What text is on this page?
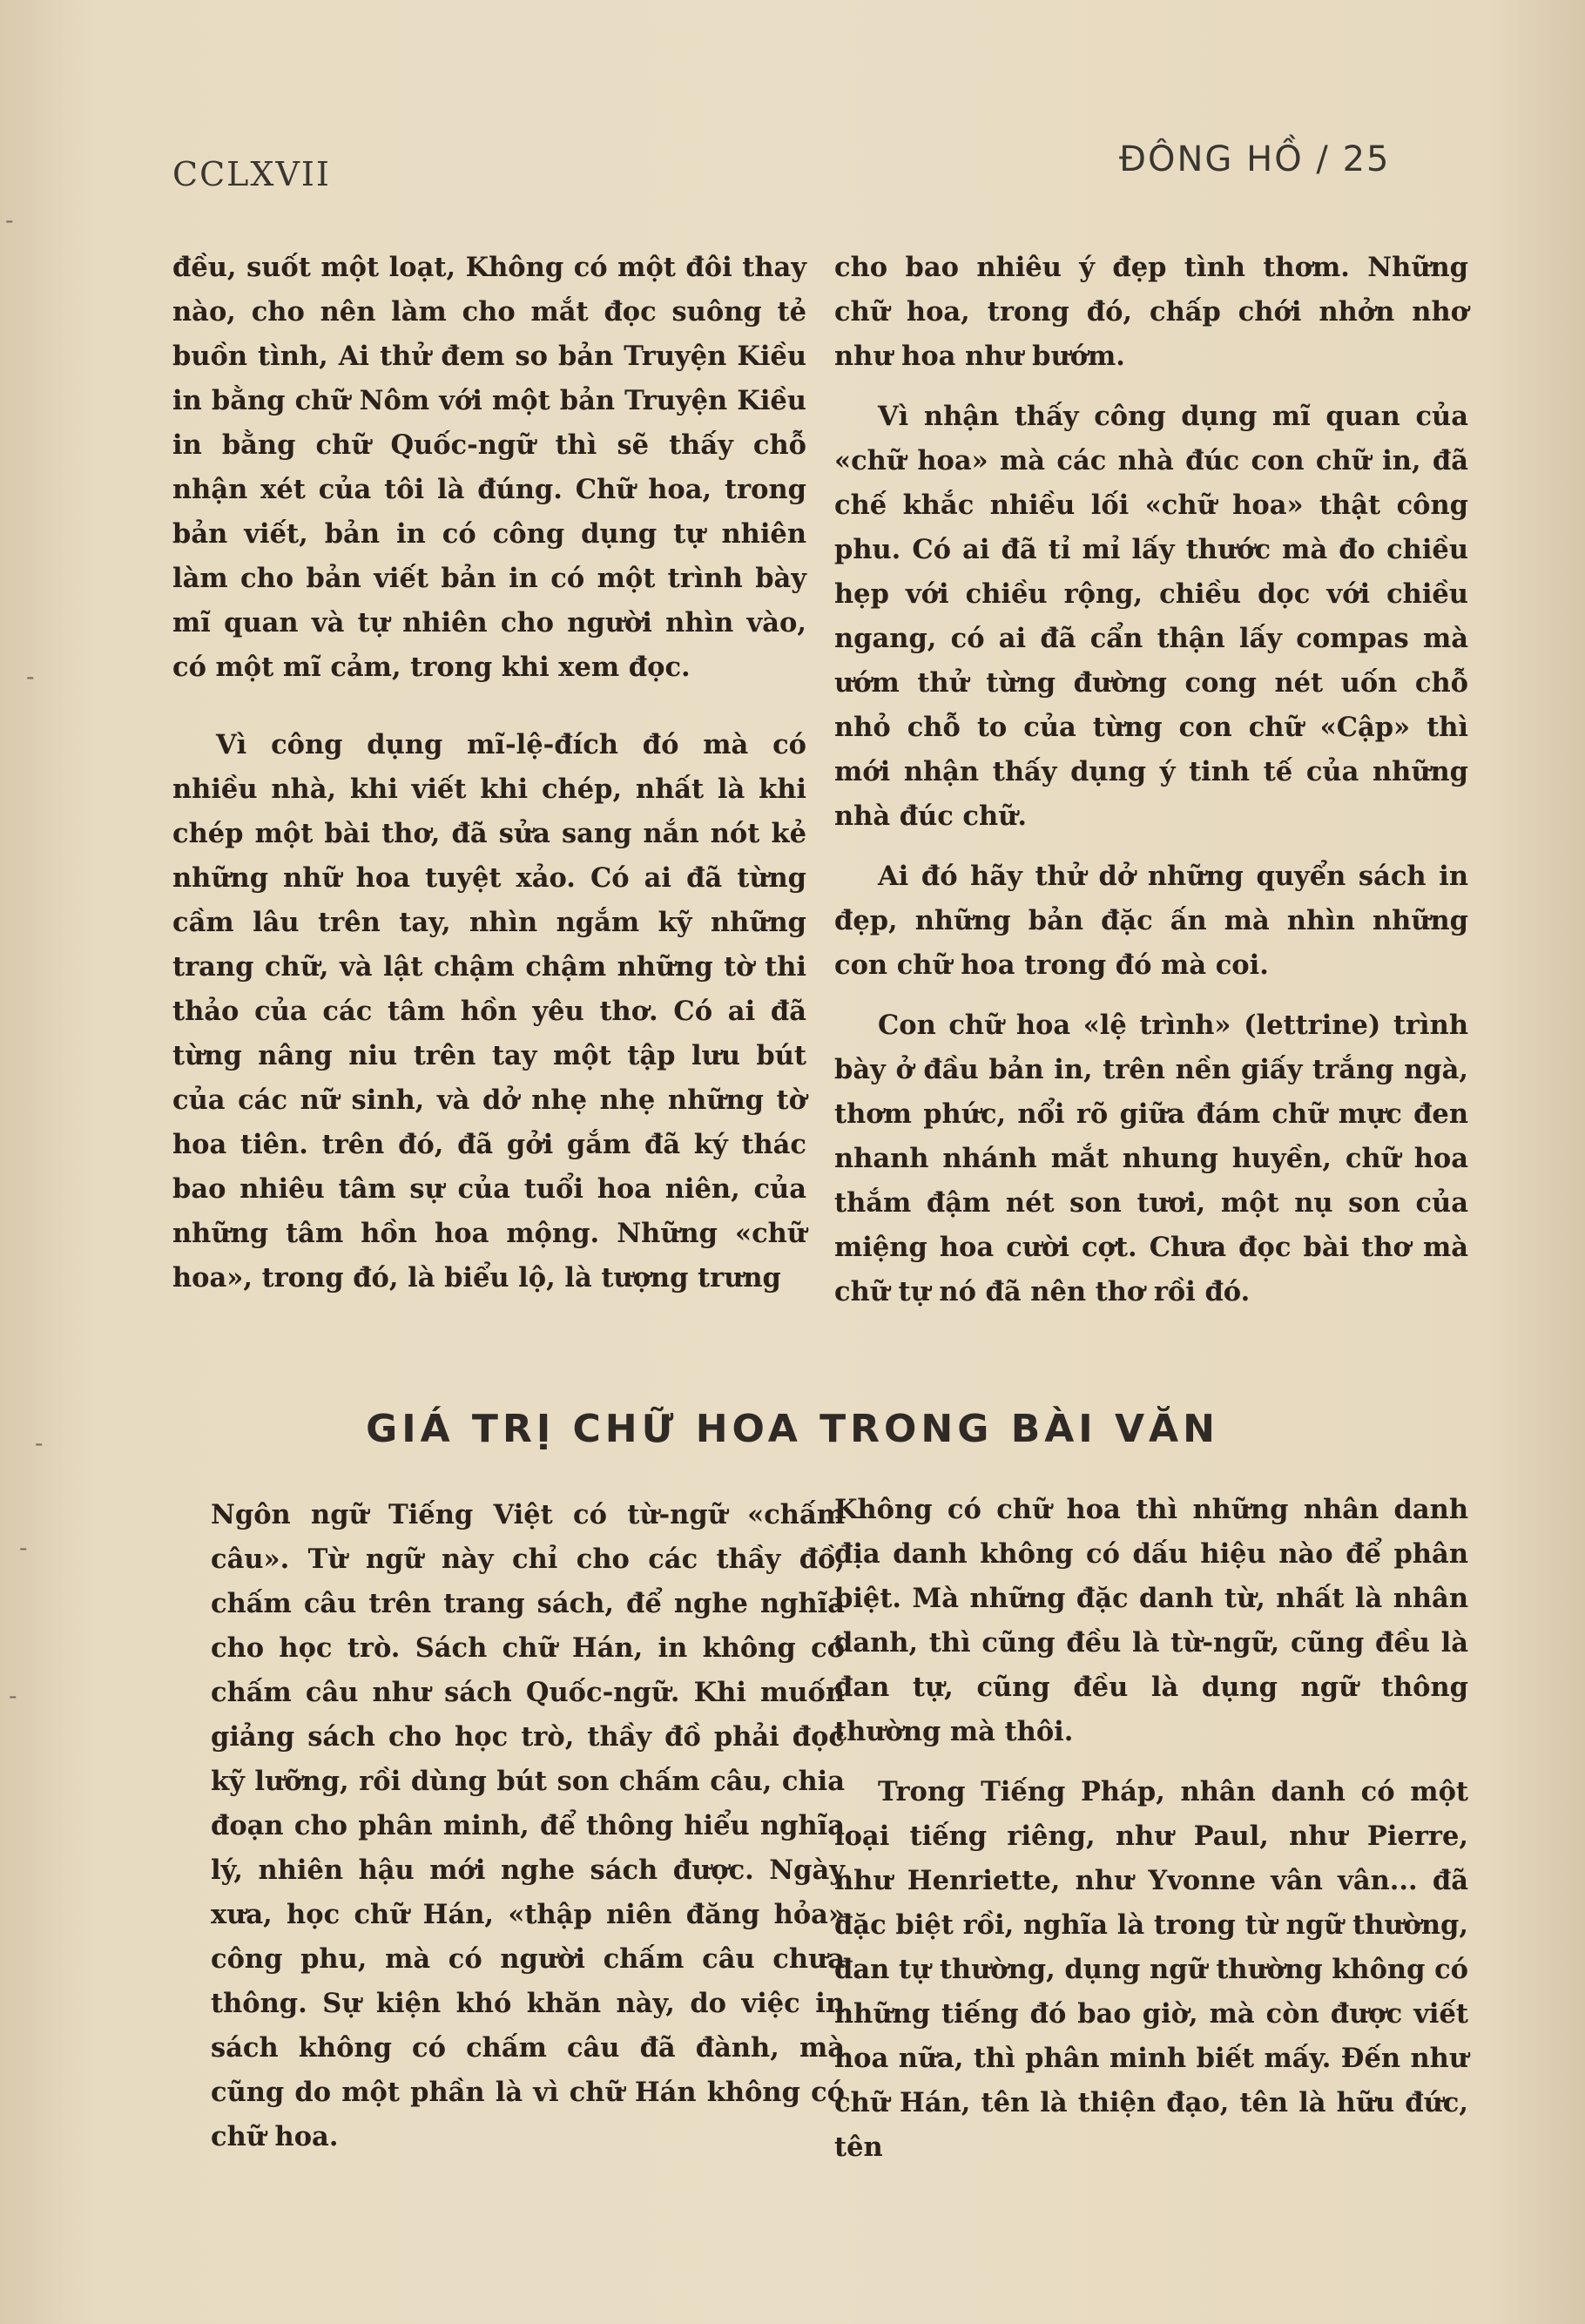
-
-
-
-
-
CCLXVII	ĐÔNG HỒ / 25

đều, suốt một loạt, Không có một đôi thay nào, cho nên làm cho mắt đọc suông tẻ buồn tình, Ai thử đem so bản Truyện Kiều in bằng chữ Nôm với một bản Truyện Kiều in bằng chữ Quốc-ngữ thì sẽ thấy chỗ nhận xét của tôi là đúng. Chữ hoa, trong bản viết, bản in có công dụng tự nhiên làm cho bản viết bản in có một trình bày mĩ quan và tự nhiên cho người nhìn vào, có một mĩ cảm, trong khi xem đọc.

Vì công dụng mĩ-lệ-đích đó mà có nhiều nhà, khi viết khi chép, nhất là khi chép một bài thơ, đã sửa sang nắn nót kẻ những nhữ hoa tuyệt xảo. Có ai đã từng cầm lâu trên tay, nhìn ngắm kỹ những trang chữ, và lật chậm chậm những tờ thi thảo của các tâm hồn yêu thơ. Có ai đã từng nâng niu trên tay một tập lưu bút của các nữ sinh, và dở nhẹ nhẹ những tờ hoa tiên. trên đó, đã gởi gắm đã ký thác bao nhiêu tâm sự của tuổi hoa niên, của những tâm hồn hoa mộng. Những «chữ hoa», trong đó, là biểu lộ, là tượng trưng

cho bao nhiêu ý đẹp tình thơm. Những chữ hoa, trong đó, chấp chới nhởn nhơ như hoa như bướm.

Vì nhận thấy công dụng mĩ quan của «chữ hoa» mà các nhà đúc con chữ in, đã chế khắc nhiều lối «chữ hoa» thật công phu. Có ai đã tỉ mỉ lấy thước mà đo chiều hẹp với chiều rộng, chiều dọc với chiều ngang, có ai đã cẩn thận lấy compas mà ướm thử từng đường cong nét uốn chỗ nhỏ chỗ to của từng con chữ «Cập» thì mới nhận thấy dụng ý tinh tế của những nhà đúc chữ.

Ai đó hãy thử dở những quyển sách in đẹp, những bản đặc ấn mà nhìn những con chữ hoa trong đó mà coi.

Con chữ hoa «lệ trình» (lettrine) trình bày ở đầu bản in, trên nền giấy trắng ngà, thơm phức, nổi rõ giữa đám chữ mực đen nhanh nhánh mắt nhung huyền, chữ hoa thắm đậm nét son tươi, một nụ son của miệng hoa cười cợt. Chưa đọc bài thơ mà chữ tự nó đã nên thơ rồi đó.

GIÁ TRỊ CHỮ HOA TRONG BÀI VĂN

Ngôn ngữ Tiếng Việt có từ-ngữ «chấm câu». Từ ngữ này chỉ cho các thầy đồ, chấm câu trên trang sách, để nghe nghĩa cho học trò. Sách chữ Hán, in không có chấm câu như sách Quốc-ngữ. Khi muốn giảng sách cho học trò, thầy đồ phải đọc kỹ lưỡng, rồi dùng bút son chấm câu, chia đoạn cho phân minh, để thông hiểu nghĩa lý, nhiên hậu mới nghe sách được. Ngày xưa, học chữ Hán, «thập niên đăng hỏa» công phu, mà có người chấm câu chưa thông. Sự kiện khó khăn này, do việc in sách không có chấm câu đã đành, mà cũng do một phần là vì chữ Hán không có chữ hoa.

Không có chữ hoa thì những nhân danh địa danh không có dấu hiệu nào để phân biệt. Mà những đặc danh từ, nhất là nhân danh, thì cũng đều là từ-ngữ, cũng đều là đan tự, cũng đều là dụng ngữ thông thường mà thôi.

Trong Tiếng Pháp, nhân danh có một loại tiếng riêng, như Paul, như Pierre, như Henriette, như Yvonne vân vân... đã đặc biệt rồi, nghĩa là trong từ ngữ thường, đan tự thường, dụng ngữ thường không có những tiếng đó bao giờ, mà còn được viết hoa nữa, thì phân minh biết mấy. Đến như chữ Hán, tên là thiện đạo, tên là hữu đức, tên
